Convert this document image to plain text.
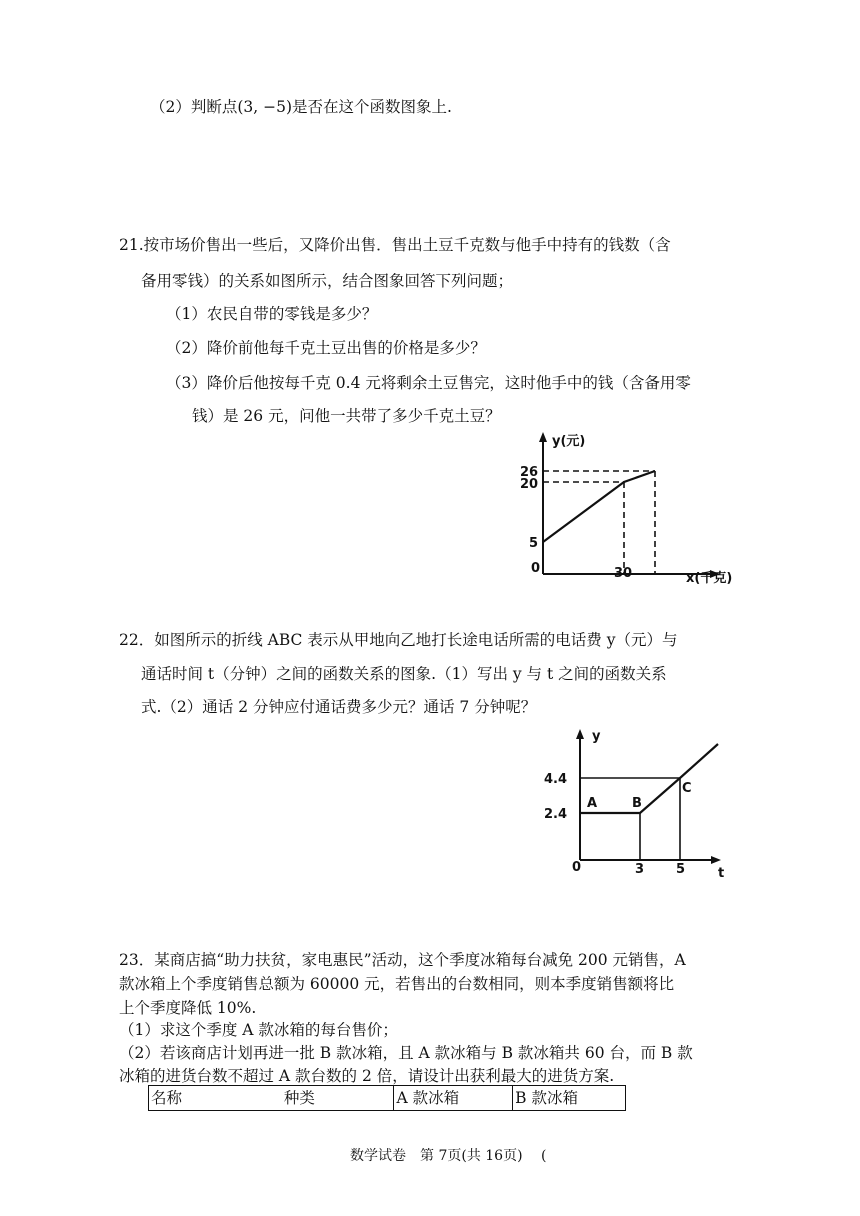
（2）判断点(3, −5)是否在这个函数图象上.
21.按市场价售出一些后，又降价出售．售出土豆千克数与他手中持有的钱数（含
备用零钱）的关系如图所示，结合图象回答下列问题；
（1）农民自带的零钱是多少？
（2）降价前他每千克土豆出售的价格是多少？
（3）降价后他按每千克 0.4 元将剩余土豆售完，这时他手中的钱（含备用零
钱）是 26 元，问他一共带了多少千克土豆？
y(元)
26
20
5
0	30	x(千克)
22．如图所示的折线 ABC 表示从甲地向乙地打长途电话所需的电话费 y（元）与
通话时间 t（分钟）之间的函数关系的图象.（1）写出 y 与 t 之间的函数关系
式.（2）通话 2 分钟应付通话费多少元？通话 7 分钟呢？
y
4.4
2.4
0	3 5	t
A	B
C
23．某商店搞“助力扶贫，家电惠民”活动，这个季度冰箱每台减免 200 元销售，A
款冰箱上个季度销售总额为 60000 元，若售出的台数相同，则本季度销售额将比
上个季度降低 10%.
（1）求这个季度 A 款冰箱的每台售价；
（2）若该商店计划再进一批 B 款冰箱，且 A 款冰箱与 B 款冰箱共 60 台，而 B 款
冰箱的进货台数不超过 A 款台数的 2 倍，请设计出获利最大的进货方案.
名称	种类	A 款冰箱	B 款冰箱
数学试卷　第 7页(共 16页)　 (
